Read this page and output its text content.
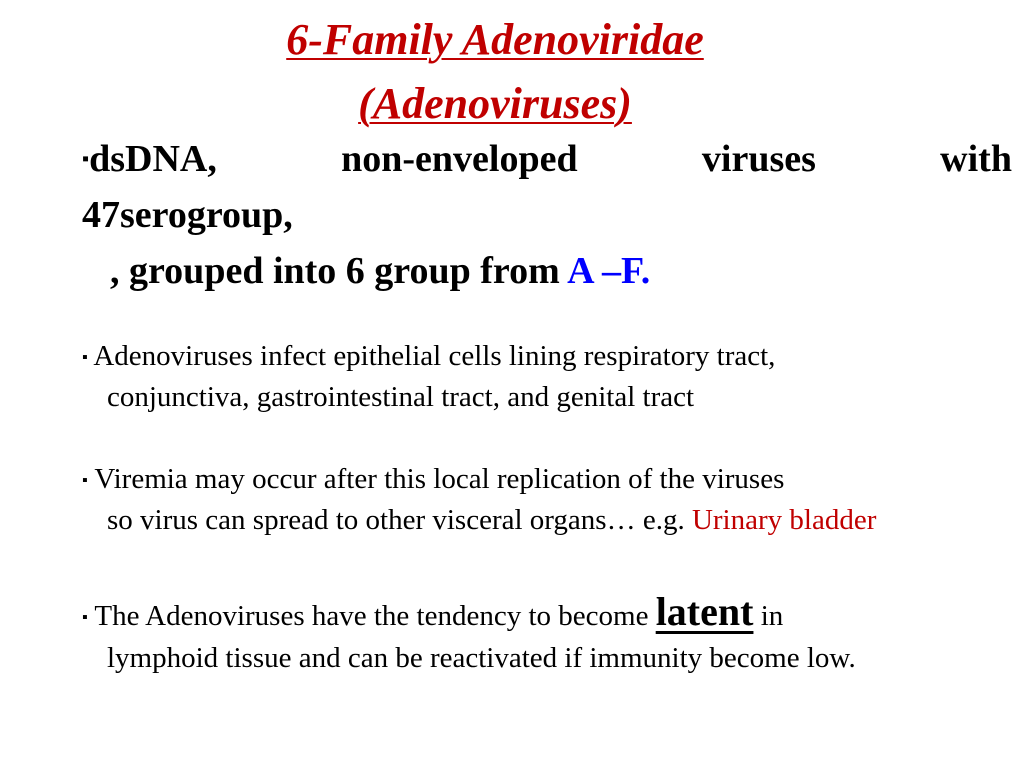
6-Family Adenoviridae
(Adenoviruses)
▪dsDNA,	non-enveloped	viruses	with
47serogroup,
, grouped into 6 group from A –F.
▪ Adenoviruses infect epithelial cells lining respiratory tract,
conjunctiva, gastrointestinal tract, and genital tract
▪ Viremia may occur after this local replication of the viruses
so virus can spread to other visceral organs… e.g. Urinary bladder
▪ The Adenoviruses have the tendency to become latent in
lymphoid tissue and can be reactivated if immunity become low.
